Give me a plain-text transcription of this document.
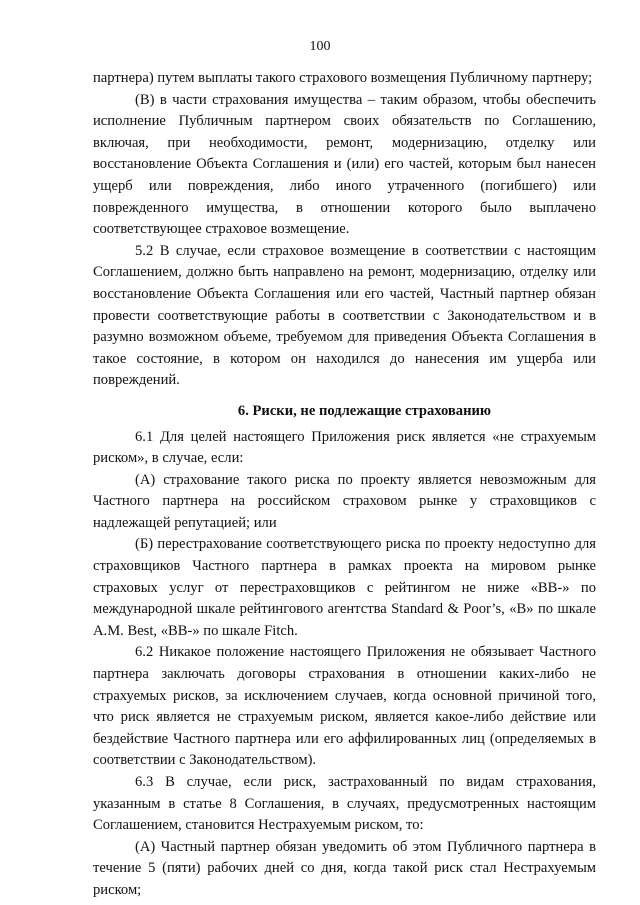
100

партнера) путем выплаты такого страхового возмещения Публичному партнеру;

(В) в части страхования имущества – таким образом, чтобы обеспечить исполнение Публичным партнером своих обязательств по Соглашению, включая, при необходимости, ремонт, модернизацию, отделку или восстановление Объекта Соглашения и (или) его частей, которым был нанесен ущерб или повреждения, либо иного утраченного (погибшего) или поврежденного имущества, в отношении которого было выплачено соответствующее страховое возмещение.

5.2 В случае, если страховое возмещение в соответствии с настоящим Соглашением, должно быть направлено на ремонт, модернизацию, отделку или восстановление Объекта Соглашения или его частей, Частный партнер обязан провести соответствующие работы в соответствии с Законодательством и в разумно возможном объеме, требуемом для приведения Объекта Соглашения в такое состояние, в котором он находился до нанесения им ущерба или повреждений.

6. Риски, не подлежащие страхованию

6.1 Для целей настоящего Приложения риск является «не страхуемым риском», в случае, если:

(А) страхование такого риска по проекту является невозможным для Частного партнера на российском страховом рынке у страховщиков с надлежащей репутацией; или

(Б) перестрахование соответствующего риска по проекту недоступно для страховщиков Частного партнера в рамках проекта на мировом рынке страховых услуг от перестраховщиков с рейтингом не ниже «ВВ-» по международной шкале рейтингового агентства Standard & Poor’s, «В» по шкале A.M. Best, «ВВ-» по шкале Fitch.

6.2 Никакое положение настоящего Приложения не обязывает Частного партнера заключать договоры страхования в отношении каких-либо не страхуемых рисков, за исключением случаев, когда основной причиной того, что риск является не страхуемым риском, является какое-либо действие или бездействие Частного партнера или его аффилированных лиц (определяемых в соответствии с Законодательством).

6.3 В случае, если риск, застрахованный по видам страхования, указанным в статье 8 Соглашения, в случаях, предусмотренных настоящим Соглашением, становится Нестрахуемым риском, то:

(А) Частный партнер обязан уведомить об этом Публичного партнера в течение 5 (пяти) рабочих дней со дня, когда такой риск стал Нестрахуемым риском;
